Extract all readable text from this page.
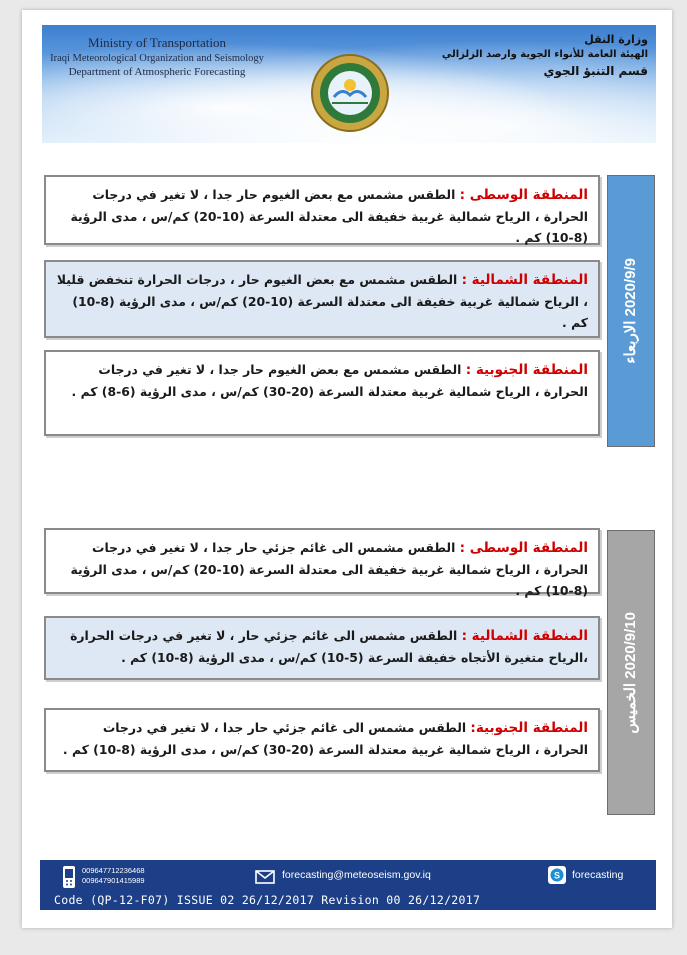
Ministry of Transportation
Iraqi Meteorological Organization and Seismology
Department of Atmospheric Forecasting
وزارة النقل
الهيئة العامة للأنواء الجوية وارصد الزلزالي
قسم التنبؤ الجوي
2020/9/9 الاربعاء
المنطقة الوسطى : الطقس مشمس مع بعض الغيوم حار جدا ، لا تغير في درجات الحرارة ، الرياح شمالية غربية خفيفة الى معتدلة السرعة (10-20) كم/س ، مدى الرؤية (8-10) كم .
المنطقة الشمالية : الطقس مشمس مع بعض الغيوم حار ، درجات الحرارة تنخفض قليلا ، الرياح شمالية غربية خفيفة الى معتدلة السرعة (10-20) كم/س ، مدى الرؤية (8-10) كم .
المنطقة الجنوبية : الطقس مشمس مع بعض الغيوم حار جدا ، لا تغير في درجات الحرارة ، الرياح شمالية غربية معتدلة السرعة (20-30) كم/س ، مدى الرؤية (6-8) كم .
2020/9/10 الخميس
المنطقة الوسطى : الطقس مشمس الى غائم جزئي حار جدا ، لا تغير في درجات الحرارة ، الرياح شمالية غربية خفيفة الى معتدلة السرعة (10-20) كم/س ، مدى الرؤية (8-10) كم .
المنطقة الشمالية : الطقس مشمس الى غائم جزئي حار ، لا تغير في درجات الحرارة ،الرياح متغيرة الأتجاه خفيفة السرعة (5-10) كم/س ، مدى الرؤية (8-10) كم .
المنطقة الجنوبية: الطقس مشمس الى غائم جزئي حار جدا ، لا تغير في درجات الحرارة ، الرياح شمالية غربية معتدلة السرعة (20-30) كم/س ، مدى الرؤية (8-10) كم .
009647712236468
009647901415989	forecasting@meteoseism.gov.iq	S forecasting
Code (QP-12-F07) ISSUE 02 26/12/2017 Revision 00 26/12/2017
